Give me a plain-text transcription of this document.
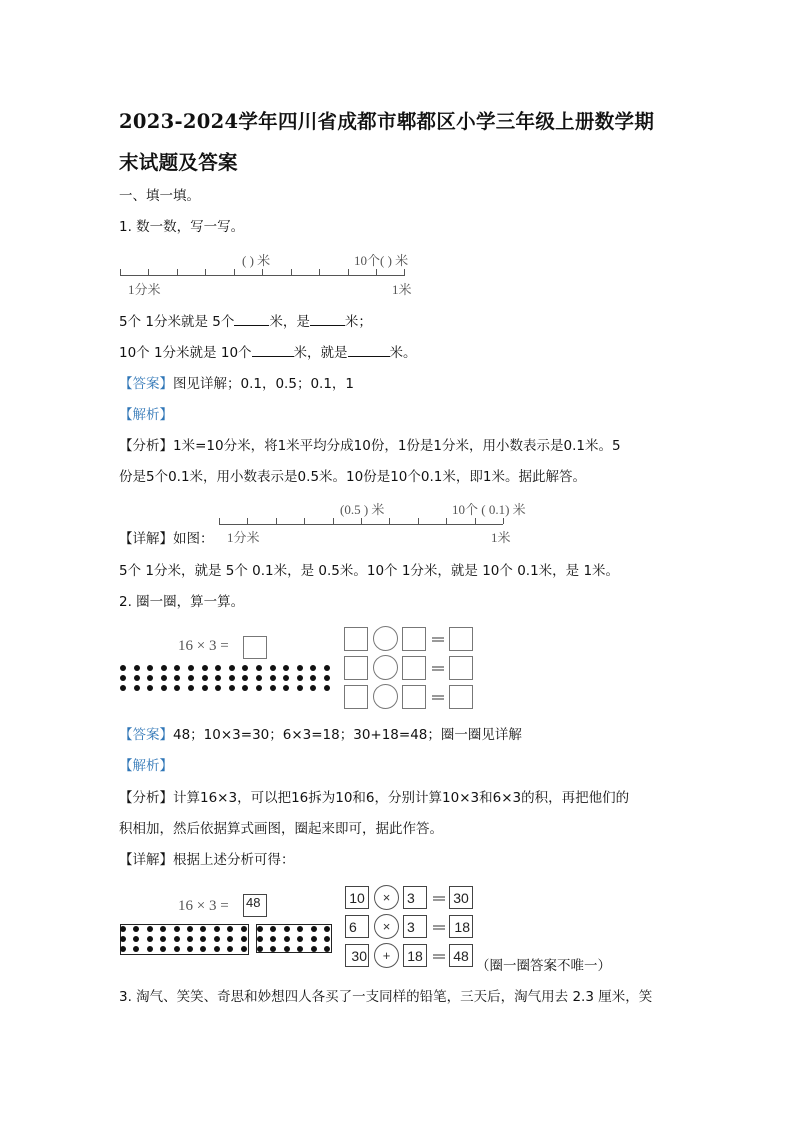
2023-2024学年四川省成都市郫都区小学三年级上册数学期
末试题及答案
一、填一填。
1. 数一数，写一写。
( ) 米	10个( ) 米
1分米	1米
5个 1分米就是 5个	米，是	米；
10个 1分米就是 10个	米，就是	米。
【答案】图见详解；0.1，0.5；0.1，1
【解析】
【分析】1米=10分米，将1米平均分成10份，1份是1分米，用小数表示是0.1米。5
份是5个0.1米，用小数表示是0.5米。10份是10个0.1米，即1米。据此解答。
【详解】如图：
(0.5 ) 米	10个 ( 0.1) 米
1分米	1米
5个 1分米，就是 5个 0.1米，是 0.5米。10个 1分米，就是 10个 0.1米，是 1米。
2. 圈一圈，算一算。
16 × 3 =
【答案】48；10×3=30；6×3=18；30+18=48；圈一圈见详解
【解析】
【分析】计算16×3，可以把16拆为10和6，分别计算10×3和6×3的积，再把他们的
积相加，然后依据算式画图，圈起来即可，据此作答。
【详解】根据上述分析可得：
16 × 3 = 48	10	×	3	30
6	×	3	18
30	+	18	48
（圈一圈答案不唯一）
3. 淘气、笑笑、奇思和妙想四人各买了一支同样的铅笔，三天后，淘气用去 2.3 厘米，笑
